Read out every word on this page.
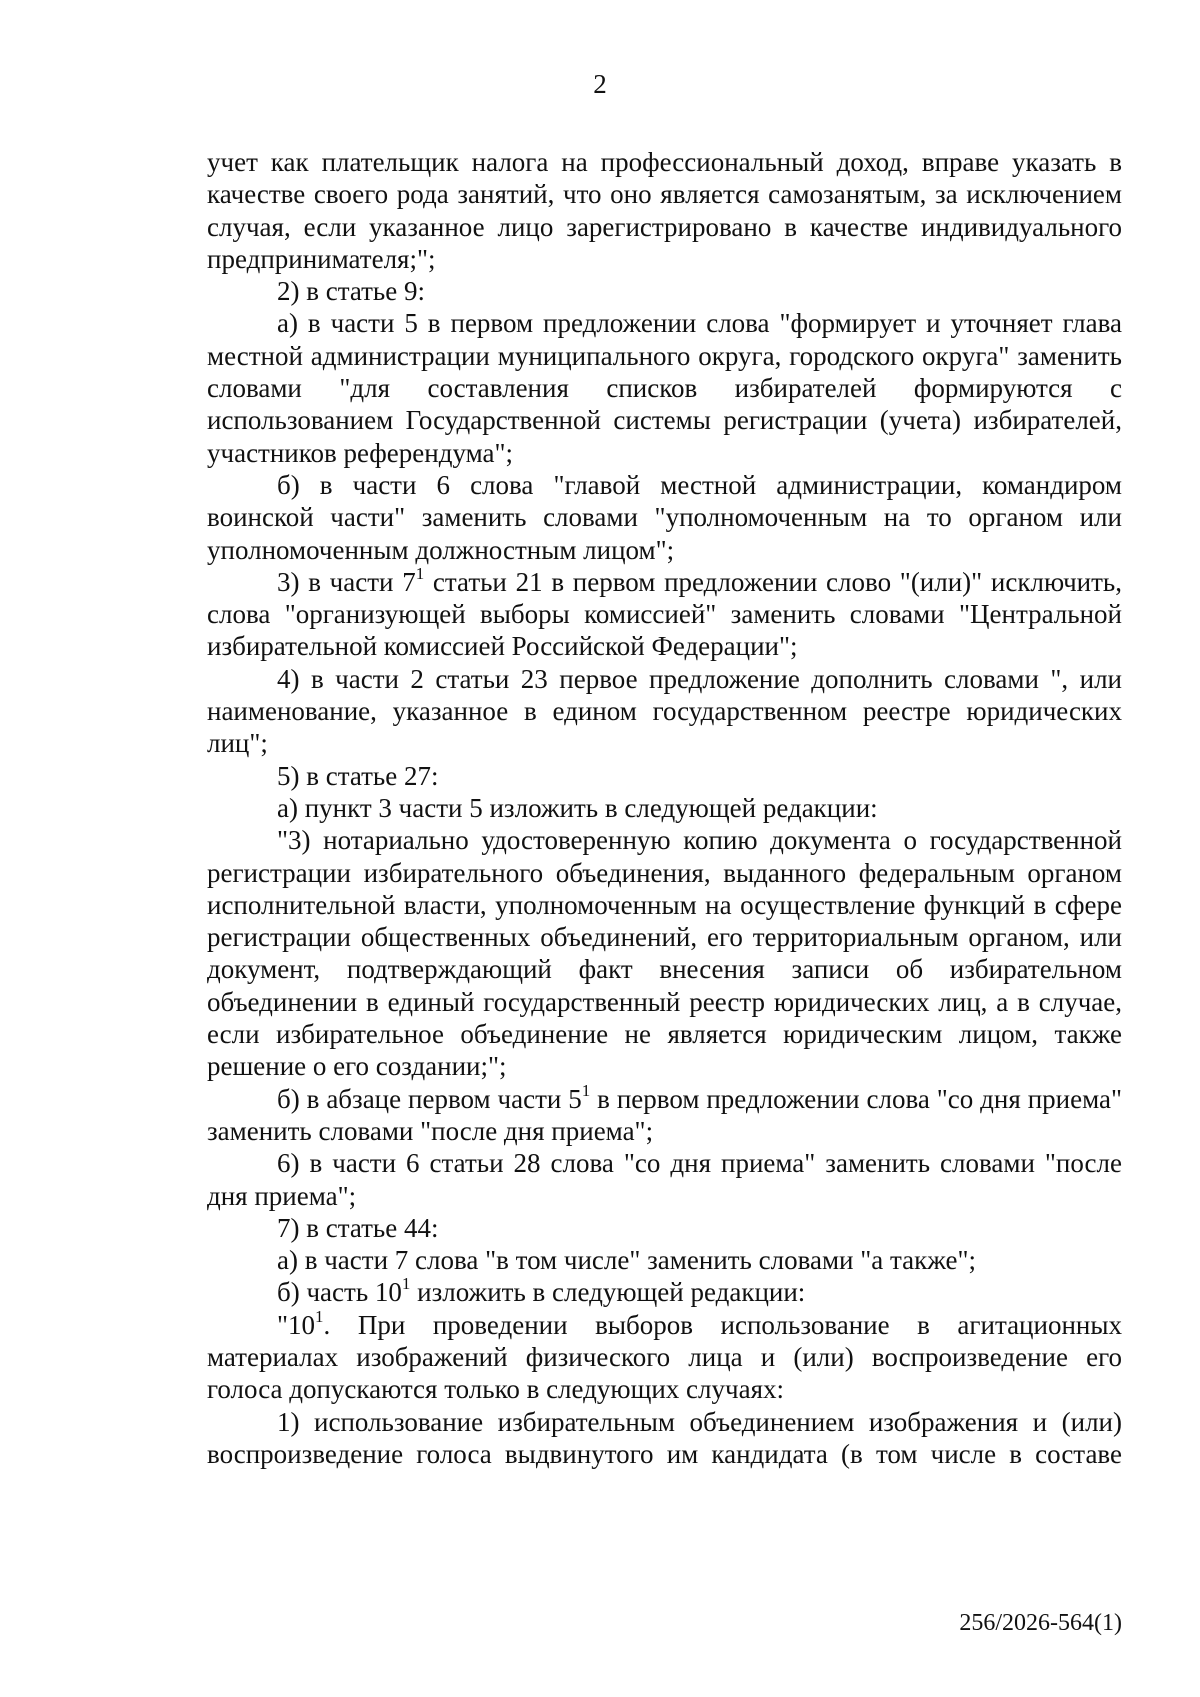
2

учет как плательщик налога на профессиональный доход, вправе указать в качестве своего рода занятий, что оно является самозанятым, за исключением случая, если указанное лицо зарегистрировано в качестве индивидуального предпринимателя;";

2) в статье 9:

а) в части 5 в первом предложении слова "формирует и уточняет глава местной администрации муниципального округа, городского округа" заменить словами "для составления списков избирателей формируются с использованием Государственной системы регистрации (учета) избирателей, участников референдума";

б) в части 6 слова "главой местной администрации, командиром воинской части" заменить словами "уполномоченным на то органом или уполномоченным должностным лицом";

3) в части $7^1$ статьи 21 в первом предложении слово "(или)" исключить, слова "организующей выборы комиссией" заменить словами "Центральной избирательной комиссией Российской Федерации";

4) в части 2 статьи 23 первое предложение дополнить словами ", или наименование, указанное в едином государственном реестре юридических лиц";

5) в статье 27:

а) пункт 3 части 5 изложить в следующей редакции:

"3) нотариально удостоверенную копию документа о государственной регистрации избирательного объединения, выданного федеральным органом исполнительной власти, уполномоченным на осуществление функций в сфере регистрации общественных объединений, его территориальным органом, или документ, подтверждающий факт внесения записи об избирательном объединении в единый государственный реестр юридических лиц, а в случае, если избирательное объединение не является юридическим лицом, также решение о его создании;";

б) в абзаце первом части $5^1$ в первом предложении слова "со дня приема" заменить словами "после дня приема";

6) в части 6 статьи 28 слова "со дня приема" заменить словами "после дня приема";

7) в статье 44:

а) в части 7 слова "в том числе" заменить словами "а также";

б) часть $10^1$ изложить в следующей редакции:

"$10^1$. При проведении выборов использование в агитационных материалах изображений физического лица и (или) воспроизведение его голоса допускаются только в следующих случаях:

1) использование избирательным объединением изображения и (или) воспроизведение голоса выдвинутого им кандидата (в том числе в составе

256/2026-564(1)
